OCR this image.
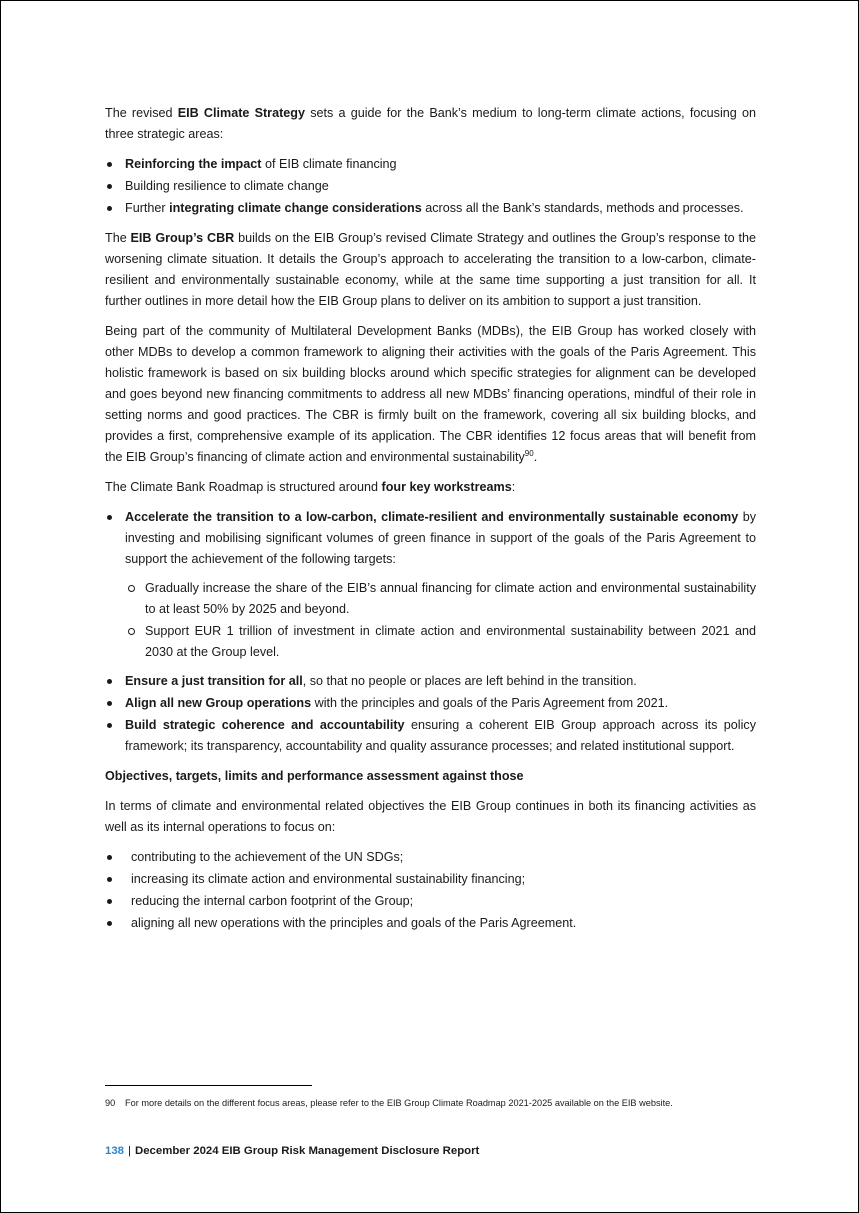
The revised EIB Climate Strategy sets a guide for the Bank’s medium to long-term climate actions, focusing on three strategic areas:

Reinforcing the impact of EIB climate financing
Building resilience to climate change
Further integrating climate change considerations across all the Bank’s standards, methods and processes.

The EIB Group’s CBR builds on the EIB Group’s revised Climate Strategy and outlines the Group’s response to the worsening climate situation. It details the Group’s approach to accelerating the transition to a low-carbon, climate-resilient and environmentally sustainable economy, while at the same time supporting a just transition for all. It further outlines in more detail how the EIB Group plans to deliver on its ambition to support a just transition.

Being part of the community of Multilateral Development Banks (MDBs), the EIB Group has worked closely with other MDBs to develop a common framework to aligning their activities with the goals of the Paris Agreement. This holistic framework is based on six building blocks around which specific strategies for alignment can be developed and goes beyond new financing commitments to address all new MDBs’ financing operations, mindful of their role in setting norms and good practices. The CBR is firmly built on the framework, covering all six building blocks, and provides a first, comprehensive example of its application. The CBR identifies 12 focus areas that will benefit from the EIB Group’s financing of climate action and environmental sustainability$^{90}$.

The Climate Bank Roadmap is structured around four key workstreams:

Accelerate the transition to a low-carbon, climate-resilient and environmentally sustainable economy by investing and mobilising significant volumes of green finance in support of the goals of the Paris Agreement to support the achievement of the following targets:
Gradually increase the share of the EIB’s annual financing for climate action and environmental sustainability to at least 50% by 2025 and beyond.
Support EUR 1 trillion of investment in climate action and environmental sustainability between 2021 and 2030 at the Group level.
Ensure a just transition for all, so that no people or places are left behind in the transition.
Align all new Group operations with the principles and goals of the Paris Agreement from 2021.
Build strategic coherence and accountability ensuring a coherent EIB Group approach across its policy framework; its transparency, accountability and quality assurance processes; and related institutional support.
Objectives, targets, limits and performance assessment against those

In terms of climate and environmental related objectives the EIB Group continues in both its financing activities as well as its internal operations to focus on:

contributing to the achievement of the UN SDGs;
increasing its climate action and environmental sustainability financing;
reducing the internal carbon footprint of the Group;
aligning all new operations with the principles and goals of the Paris Agreement.
90 For more details on the different focus areas, please refer to the EIB Group Climate Roadmap 2021-2025 available on the EIB website.
138 | December 2024 EIB Group Risk Management Disclosure Report
